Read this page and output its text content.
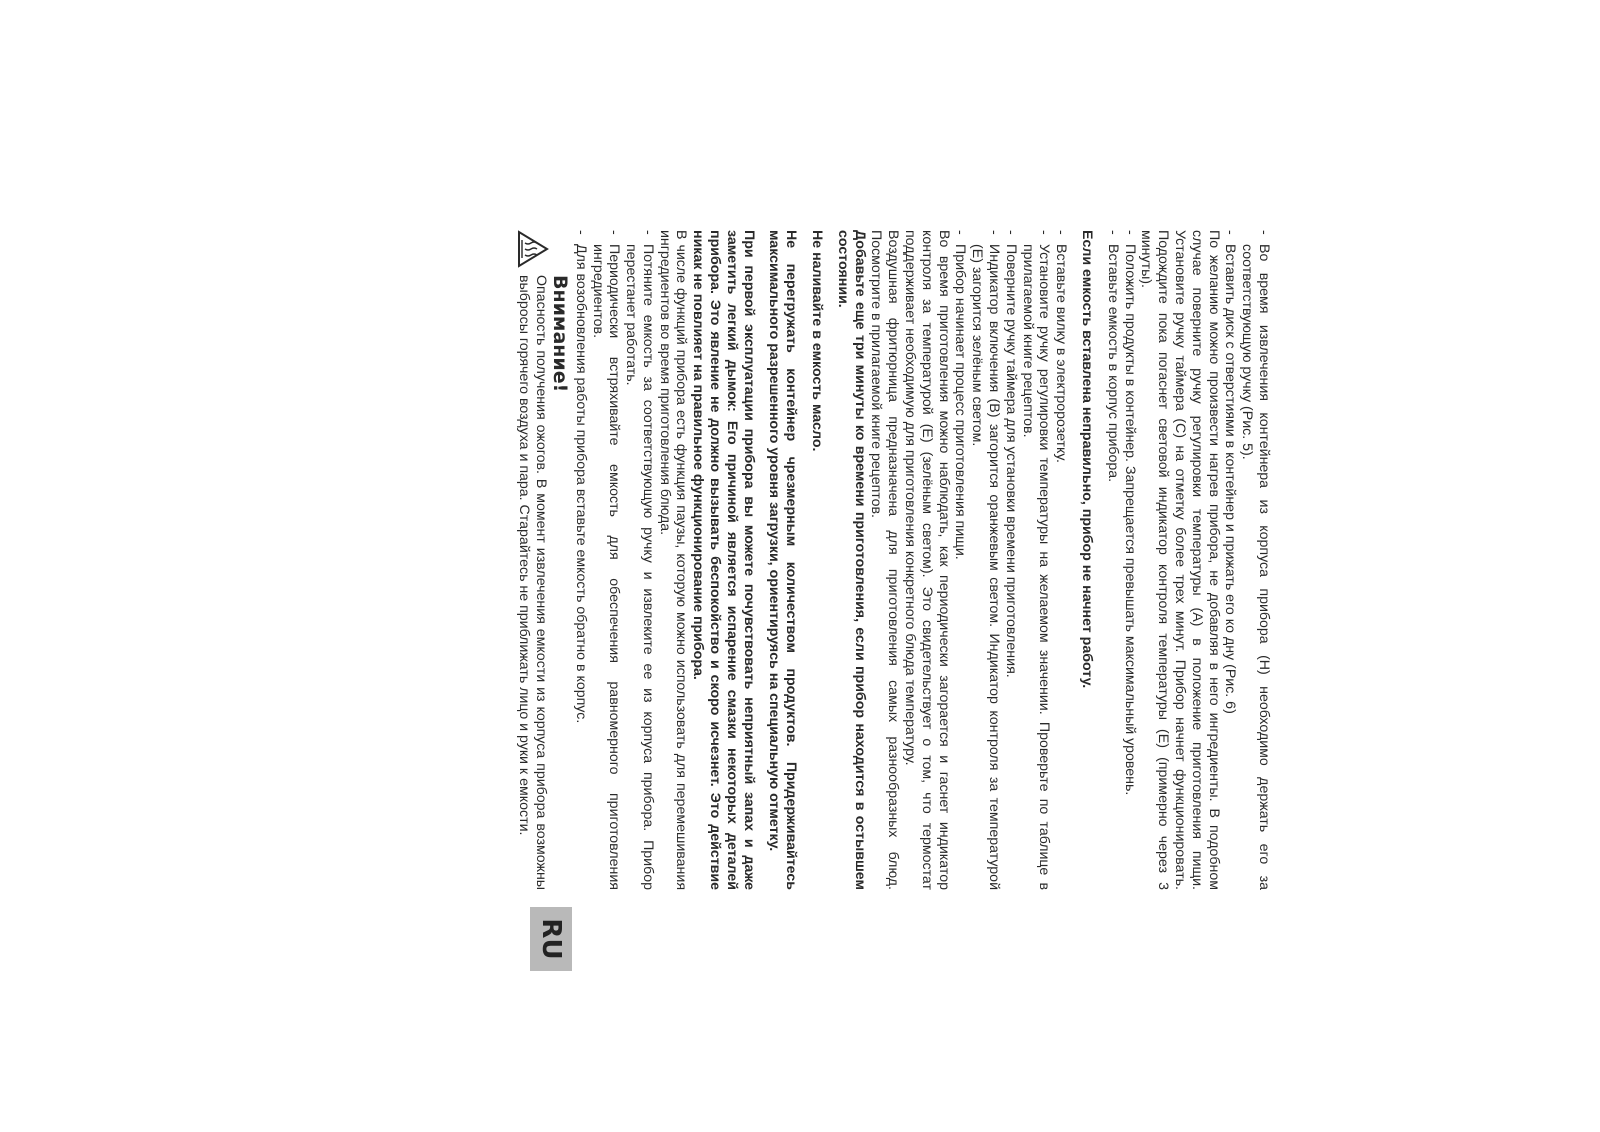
-
Во время извлечения контейнера из корпуса прибора (H) необходимо держать его за соответствующую ручку (Рис. 5).
-
Вставить диск с отверстиями в контейнер и прижать его ко дну (Рис. 6)

По желанию можно произвести нагрев прибора, не добавляя в него ингредиенты. В подобном случае поверните ручку регулировки температуры (A) в положение приготовления пищи. Установите ручку таймера (C) на отметку более трех минут. Прибор начнет функционировать. Подождите пока погаснет световой индикатор контроля температуры (E) (примерно через 3 минуты).

-
Положить продукты в контейнер. Запрещается превышать максимальный уровень.
-
Вставьте емкость в корпус прибора.

Если емкость вставлена неправильно, прибор не начнет работу.

-
Вставьте вилку в электророзетку.
-
Установите ручку регулировки температуры на желаемом значении. Проверьте по таблице в прилагаемой книге рецептов.
-
Поверните ручку таймера для установки времени приготовления.
-
Индикатор включения (B) загорится оранжевым светом. Индикатор контроля за температурой (E) загорится зелёным светом.
-
Прибор начинает процесс приготовления пищи.

Во время приготовления можно наблюдать, как периодически загорается и гаснет индикатор контроля за температурой (E) (зелёным светом). Это свидетельствует о том, что термостат поддерживает необходимую для приготовления конкретного блюда температуру.

Воздушная фритюрница предназначена для приготовления самых разнообразных блюд. Посмотрите в прилагаемой книге рецептов.

Добавьте еще три минуты ко времени приготовления, если прибор находится в остывшем состоянии.

Не наливайте в емкость масло.

Не перегружать контейнер чрезмерным количеством продуктов. Придерживайтесь максимального разрешенного уровня загрузки, ориентируясь на специальную отметку.

При первой эксплуатации прибора вы можете почувствовать неприятный запах и даже заметить легкий дымок: Его причиной является испарение смазки некоторых деталей прибора. Это явление не должно вызывать беспокойство и скоро исчезнет. Это действие никак не повлияет на правильное функционирование прибора.

В числе функций прибора есть функция паузы, которую можно использовать для перемешивания ингредиентов во время приготовления блюда.

-
Потяните емкость за соответствующую ручку и извлеките ее из корпуса прибора. Прибор перестанет работать.
-
Периодически встряхивайте емкость для обеспечения равномерного приготовления ингредиентов.
-
Для возобновления работы прибора вставьте емкость обратно в корпус.
Внимание!
Опасность получения ожогов. В момент извлечения емкости из корпуса прибора возможны выбросы горячего воздуха и пара. Старайтесь не приближать лицо и руки к емкости.
RU
